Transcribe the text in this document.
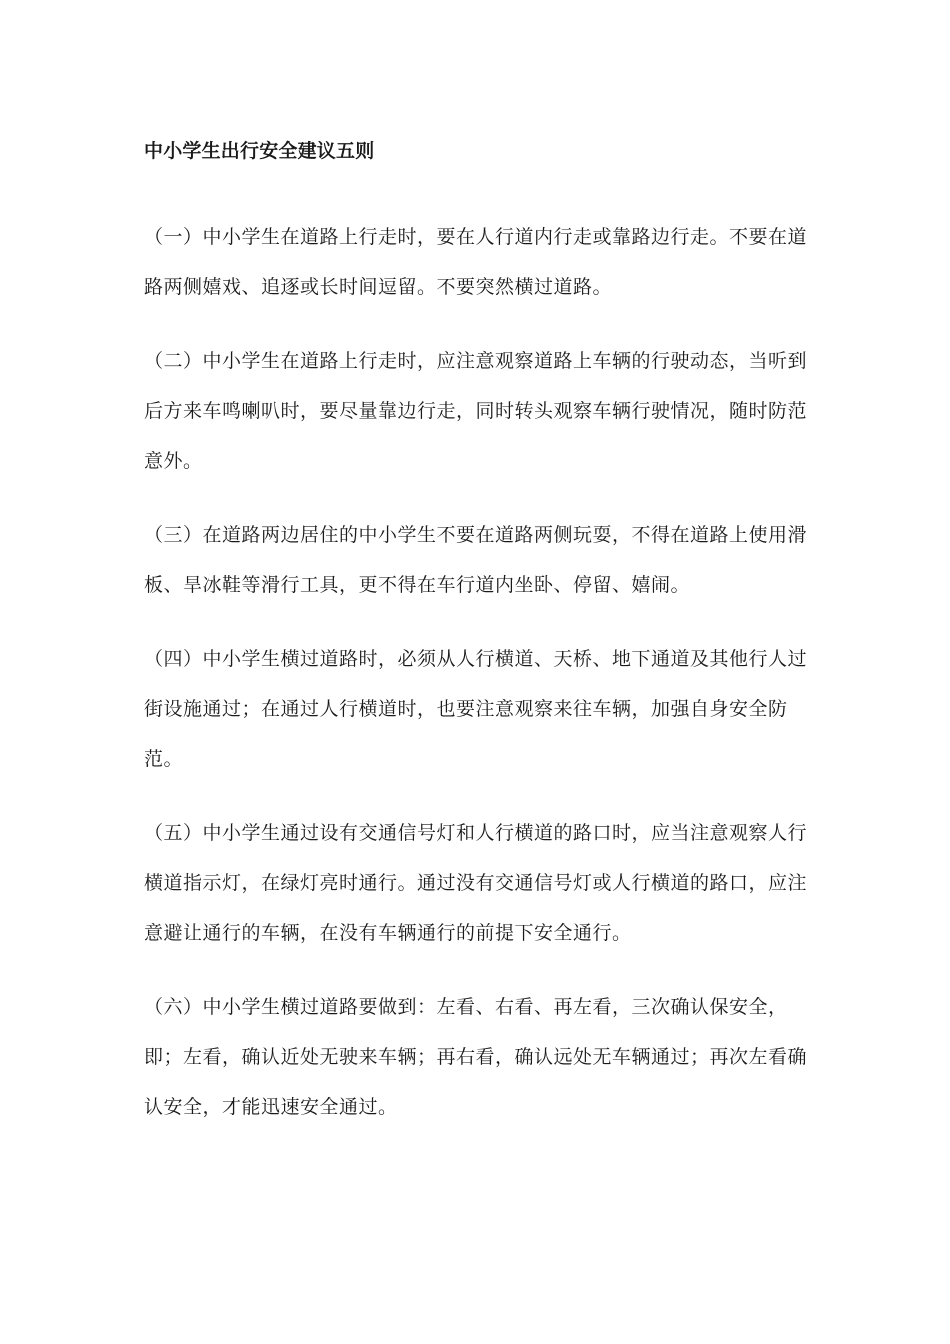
中小学生出行安全建议五则

（一）中小学生在道路上行走时，要在人行道内行走或靠路边行走。不要在道路两侧嬉戏、追逐或长时间逗留。不要突然横过道路。

（二）中小学生在道路上行走时，应注意观察道路上车辆的行驶动态，当听到后方来车鸣喇叭时，要尽量靠边行走，同时转头观察车辆行驶情况，随时防范意外。

（三）在道路两边居住的中小学生不要在道路两侧玩耍，不得在道路上使用滑板、旱冰鞋等滑行工具，更不得在车行道内坐卧、停留、嬉闹。

（四）中小学生横过道路时，必须从人行横道、天桥、地下通道及其他行人过街设施通过；在通过人行横道时，也要注意观察来往车辆，加强自身安全防范。

（五）中小学生通过设有交通信号灯和人行横道的路口时，应当注意观察人行横道指示灯，在绿灯亮时通行。通过没有交通信号灯或人行横道的路口，应注意避让通行的车辆，在没有车辆通行的前提下安全通行。

（六）中小学生横过道路要做到：左看、右看、再左看，三次确认保安全，即；左看，确认近处无驶来车辆；再右看，确认远处无车辆通过；再次左看确认安全，才能迅速安全通过。
